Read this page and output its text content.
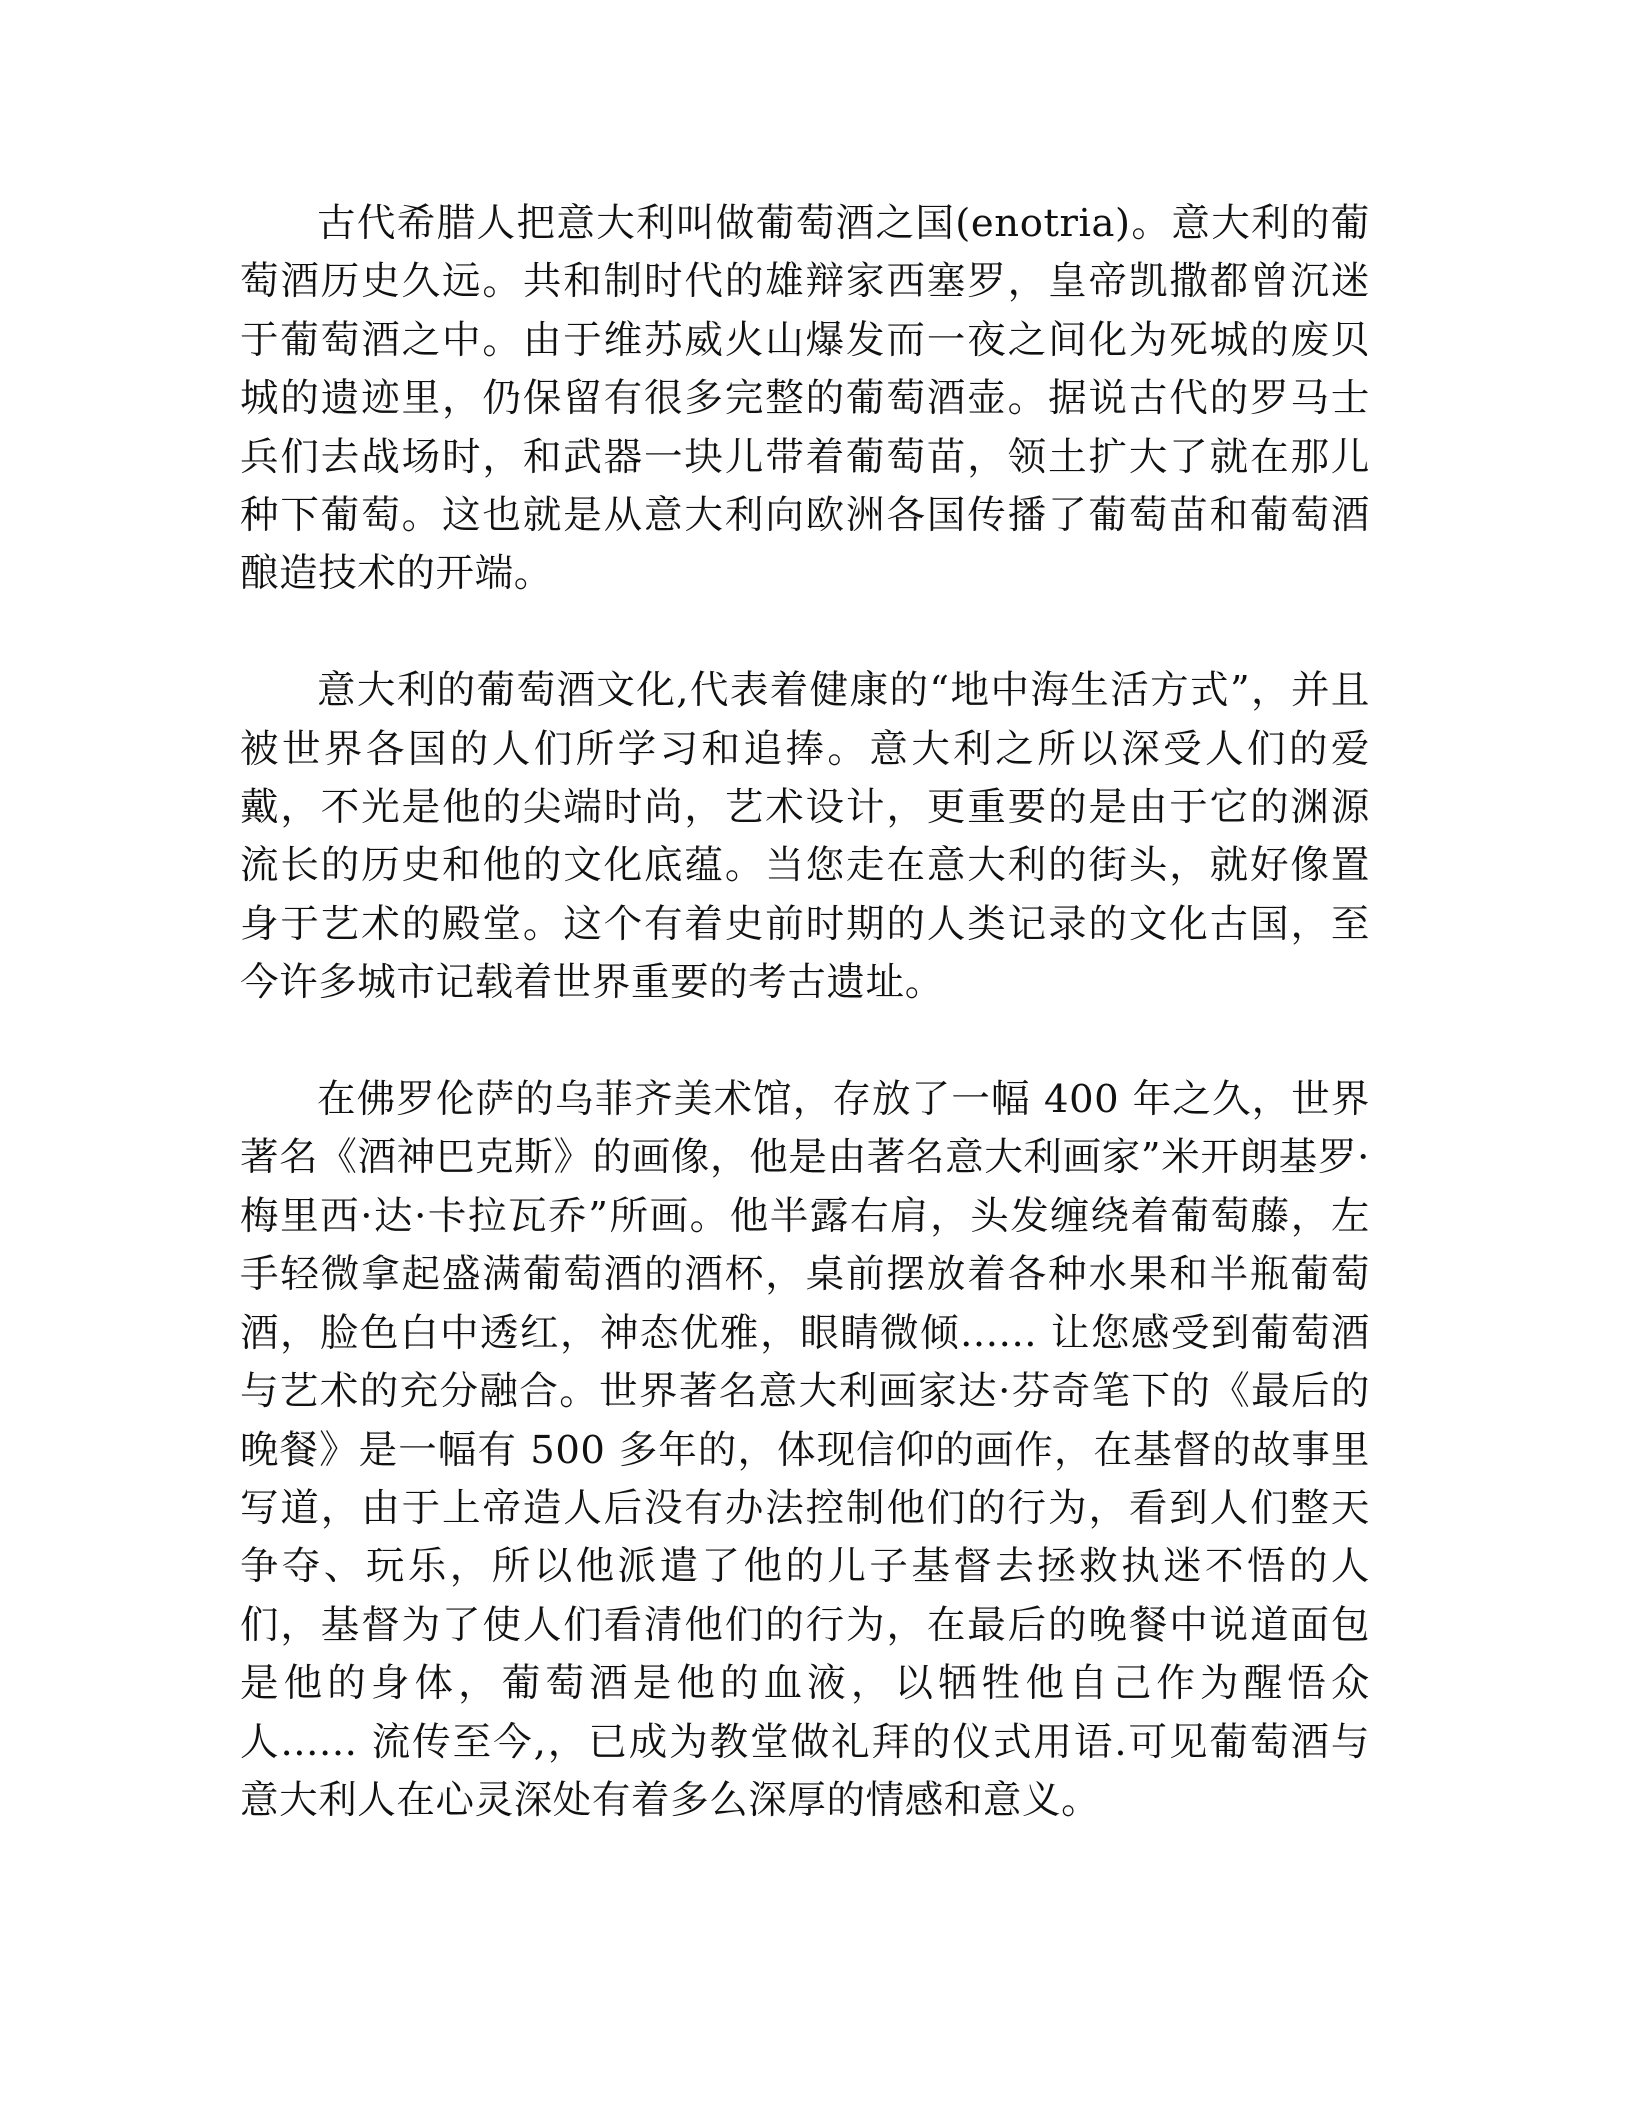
古代希腊人把意大利叫做葡萄酒之国(enotria)。意大利的葡萄酒历史久远。共和制时代的雄辩家西塞罗，皇帝凯撒都曾沉迷于葡萄酒之中。由于维苏威火山爆发而一夜之间化为死城的废贝城的遗迹里，仍保留有很多完整的葡萄酒壶。据说古代的罗马士兵们去战场时，和武器一块儿带着葡萄苗，领土扩大了就在那儿种下葡萄。这也就是从意大利向欧洲各国传播了葡萄苗和葡萄酒酿造技术的开端。

意大利的葡萄酒文化,代表着健康的“地中海生活方式”，并且被世界各国的人们所学习和追捧。意大利之所以深受人们的爱戴，不光是他的尖端时尚，艺术设计，更重要的是由于它的渊源流长的历史和他的文化底蕴。当您走在意大利的街头，就好像置身于艺术的殿堂。这个有着史前时期的人类记录的文化古国，至今许多城市记载着世界重要的考古遗址。

在佛罗伦萨的乌菲齐美术馆，存放了一幅 400 年之久，世界著名《酒神巴克斯》的画像，他是由著名意大利画家”米开朗基罗·梅里西·达·卡拉瓦乔”所画。他半露右肩，头发缠绕着葡萄藤，左手轻微拿起盛满葡萄酒的酒杯，桌前摆放着各种水果和半瓶葡萄酒，脸色白中透红，神态优雅，眼睛微倾...... 让您感受到葡萄酒与艺术的充分融合。世界著名意大利画家达·芬奇笔下的《最后的晚餐》是一幅有 500 多年的，体现信仰的画作，在基督的故事里写道，由于上帝造人后没有办法控制他们的行为，看到人们整天争夺、玩乐，所以他派遣了他的儿子基督去拯救执迷不悟的人们，基督为了使人们看清他们的行为，在最后的晚餐中说道面包是他的身体，葡萄酒是他的血液，以牺牲他自己作为醒悟众人...... 流传至今,，已成为教堂做礼拜的仪式用语.可见葡萄酒与意大利人在心灵深处有着多么深厚的情感和意义。
